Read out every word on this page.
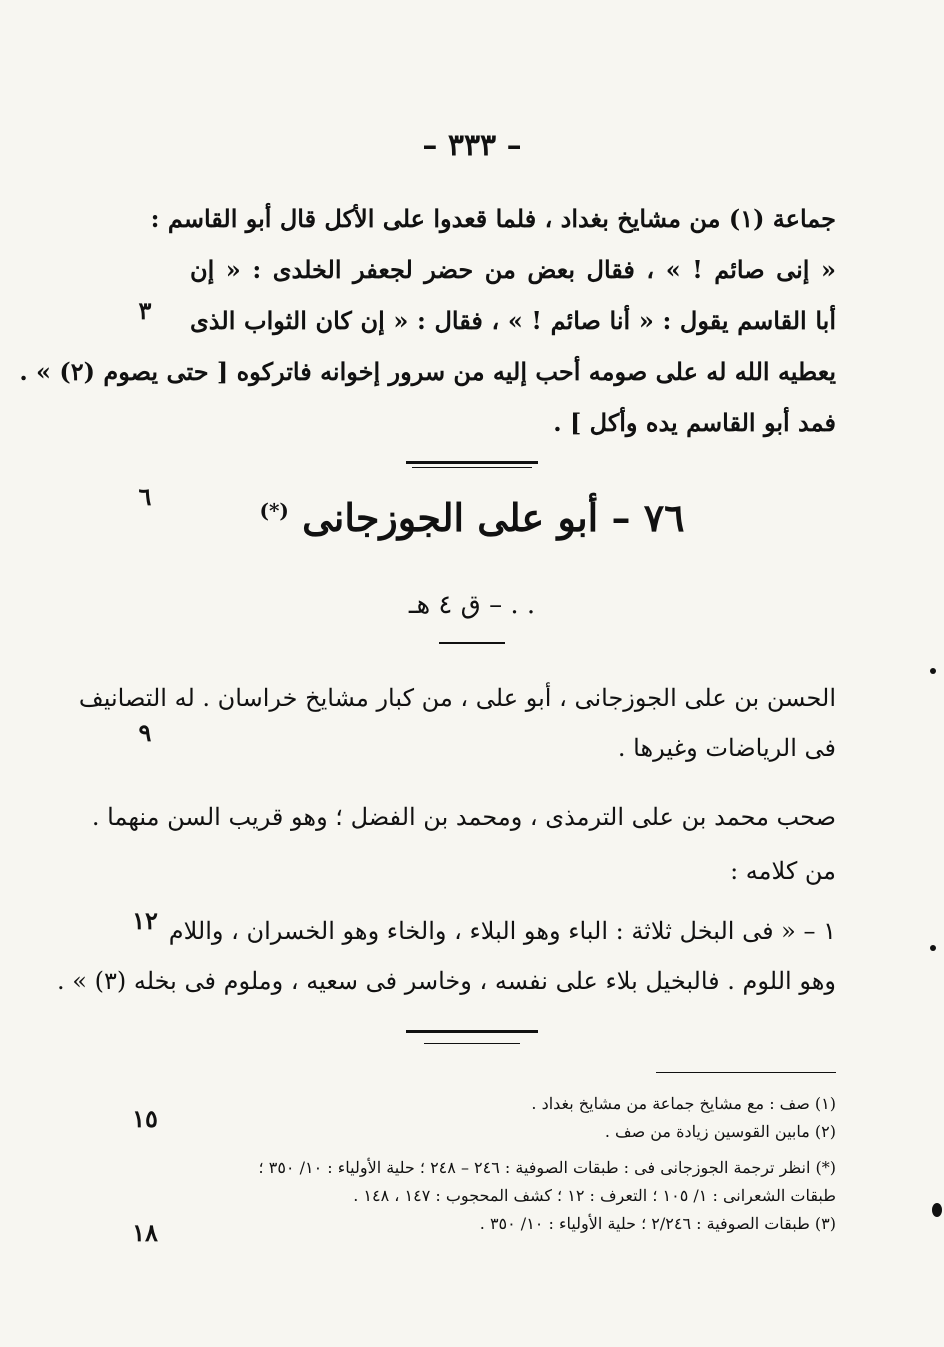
– ٣٣٣ –
جماعة (١) من مشايخ بغداد ، فلما قعدوا على الأكل قال أبو القاسم :
« إنى صائم ! » ، فقال بعض من حضر لجعفر الخلدى : « إن
أبا القاسم يقول : « أنا صائم ! » ، فقال : « إن كان الثواب الذى
يعطيه الله له على صومه أحب إليه من سرور إخوانه فاتركوه [ حتى يصوم (٢) » .
فمد أبو القاسم يده وأكل ] .
٧٦ – أبو على الجوزجانى (*)
. . – ق ٤ هـ
الحسن بن على الجوزجانى ، أبو على ، من كبار مشايخ خراسان . له التصانيف
فى الرياضات وغيرها .
صحب محمد بن على الترمذى ، ومحمد بن الفضل ؛ وهو قريب السن منهما .
من كلامه :
١ – « فى البخل ثلاثة : الباء وهو البلاء ، والخاء وهو الخسران ، واللام
وهو اللوم . فالبخيل بلاء على نفسه ، وخاسر فى سعيه ، وملوم فى بخله (٣) » .
(١) صف : مع مشايخ جماعة من مشايخ بغداد .
(٢) مابين القوسين زيادة من صف .
(*) انظر ترجمة الجوزجانى فى : طبقات الصوفية : ٢٤٦ – ٢٤٨ ؛ حلية الأولياء : ١٠/ ٣٥٠ ؛
طبقات الشعرانى : ١/ ١٠٥ ؛ التعرف : ١٢ ؛ كشف المحجوب : ١٤٧ ، ١٤٨ .
(٣) طبقات الصوفية : ٢/٢٤٦ ؛ حلية الأولياء : ١٠/ ٣٥٠ .
٣
٦
٩
١٢
١٥
١٨
